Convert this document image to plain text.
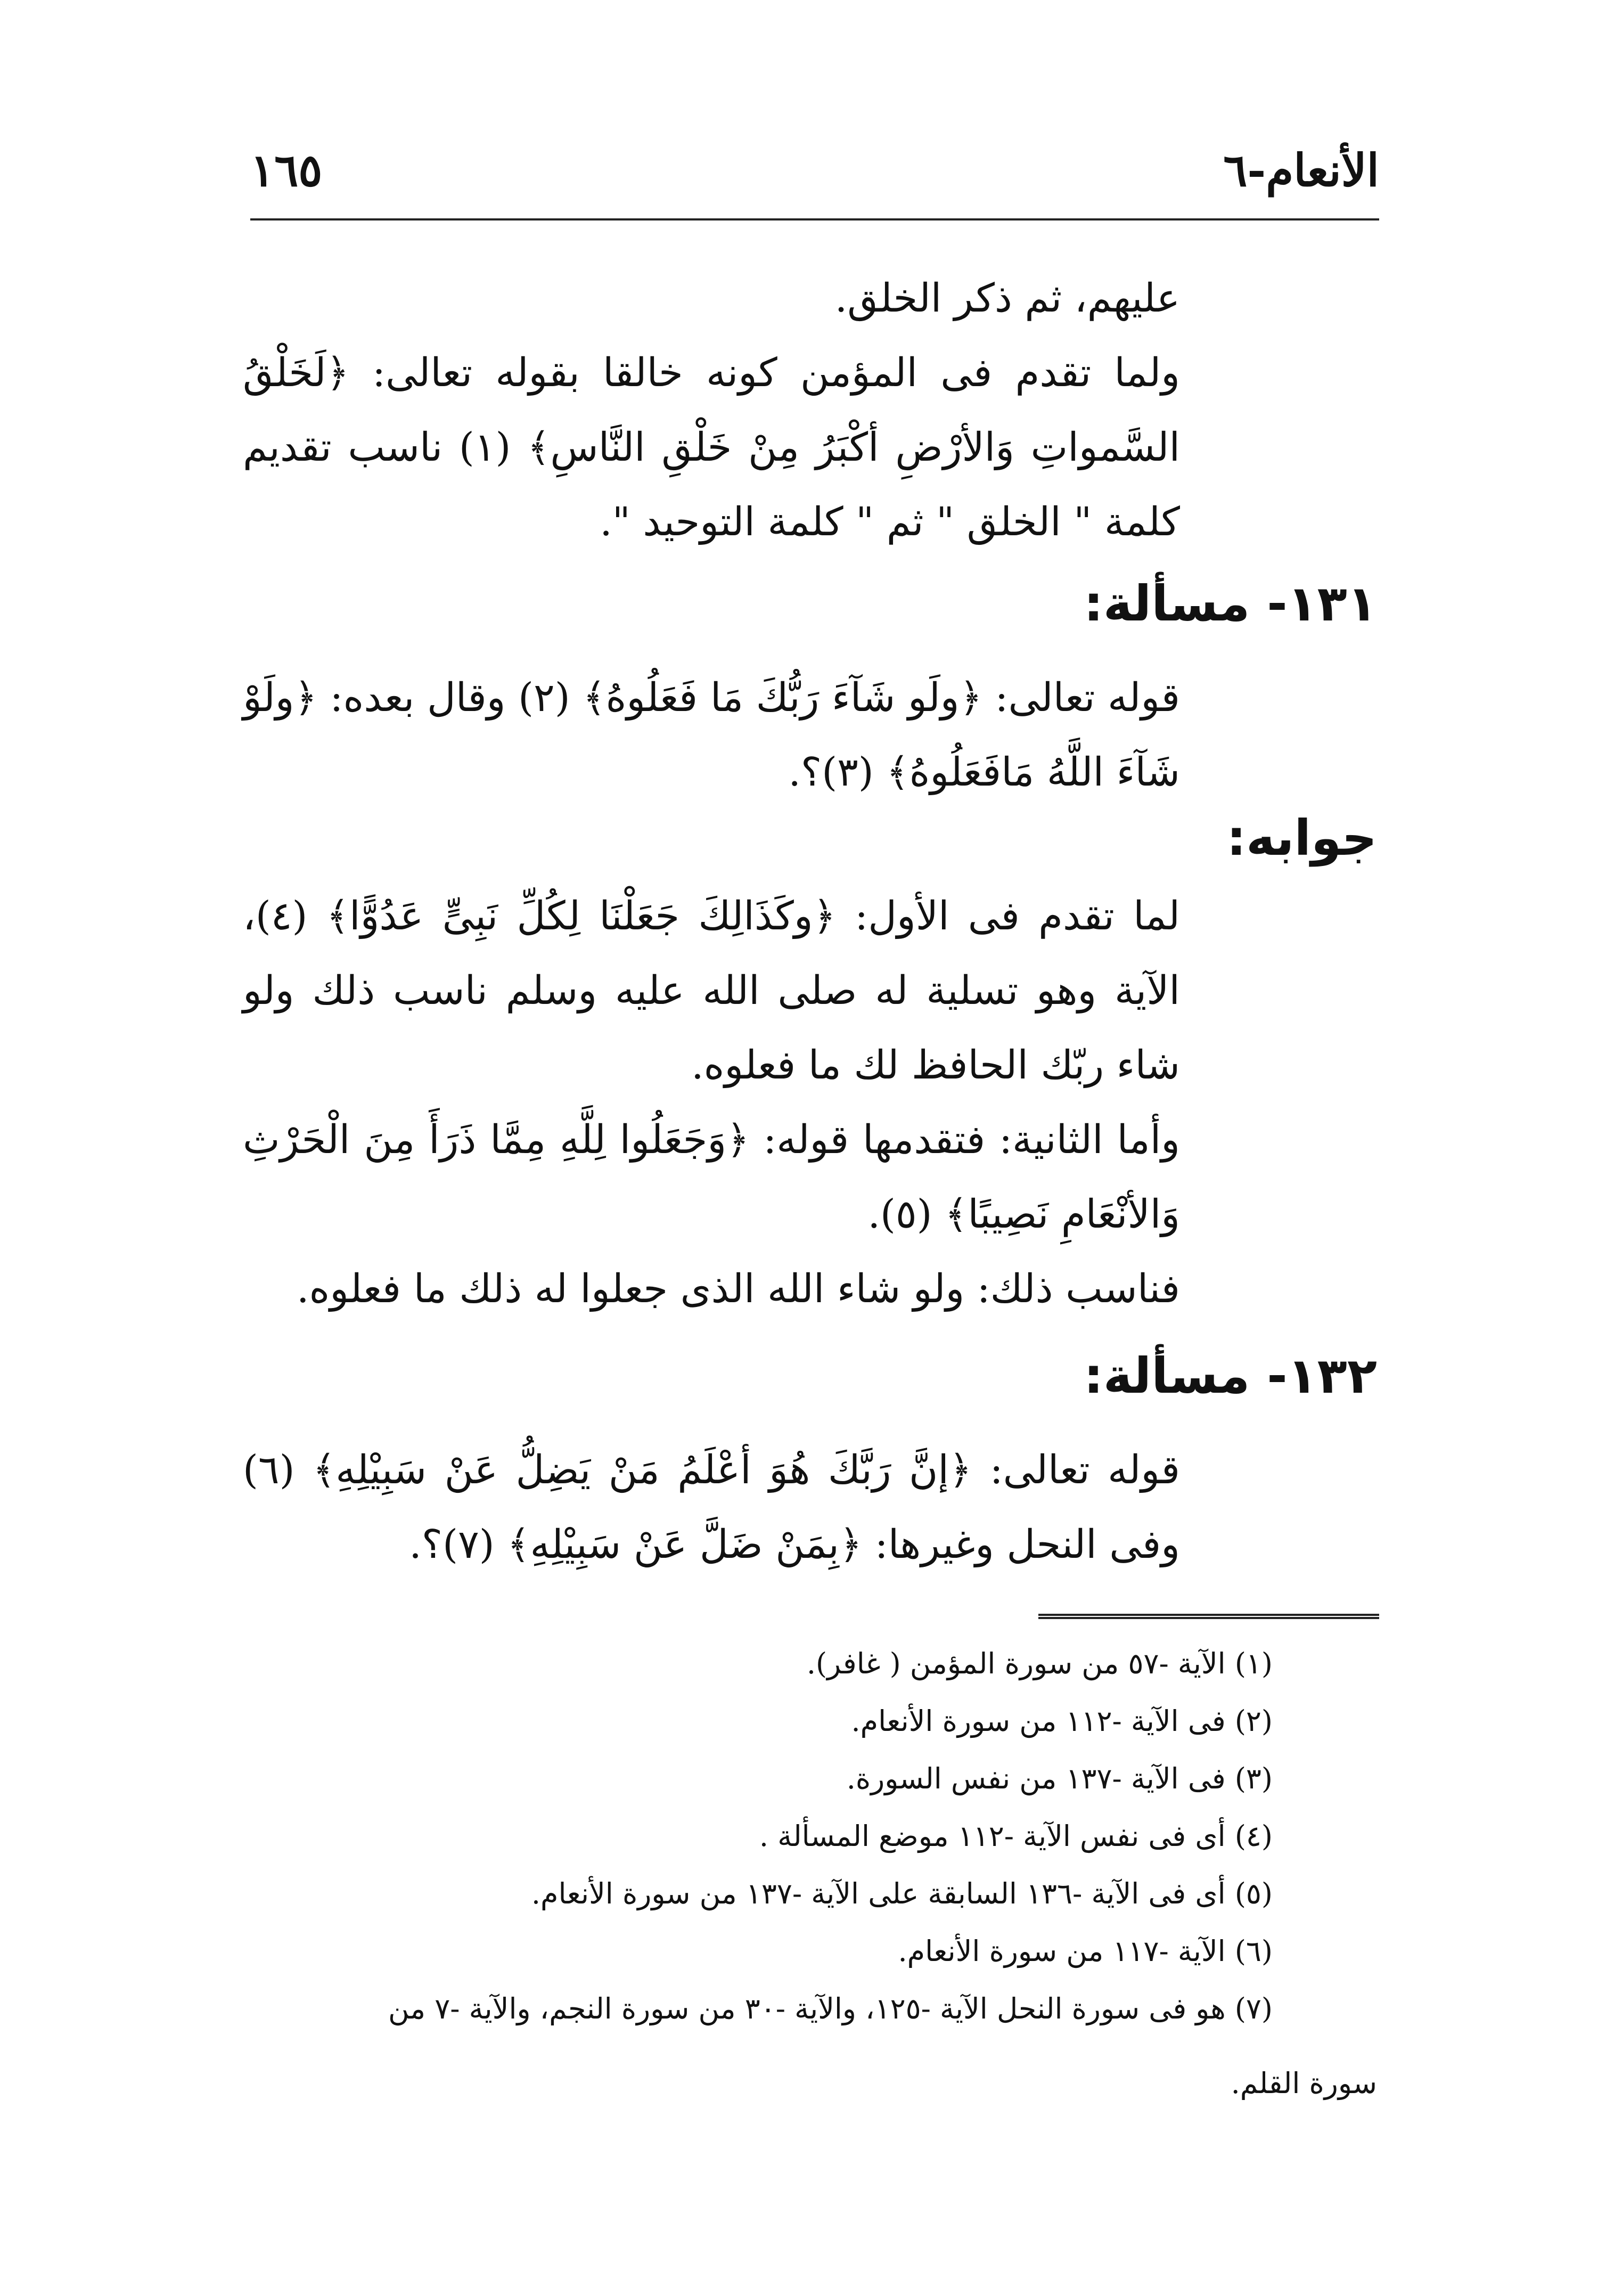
الأنعام-٦
١٦٥

عليهم، ثم ذكر الخلق.

ولما تقدم فى المؤمن كونه خالقا بقوله تعالى: ﴿لَخَلْقُ السَّمواتِ وَالأرْضِ أكْبَرُ مِنْ خَلْقِ النَّاسِ﴾ (١) ناسب تقديم كلمة " الخلق " ثم " كلمة التوحيد ".

١٣١- مسألة:

قوله تعالى: ﴿ولَو شَآءَ رَبُّكَ مَا فَعَلُوهُ﴾ (٢) وقال بعده: ﴿ولَوْ شَآءَ اللَّهُ مَافَعَلُوهُ﴾ (٣)؟.

جوابه:

لما تقدم فى الأول: ﴿وكَذَالِكَ جَعَلْنَا لِكُلِّ نَبِىٍّ عَدُوًّا﴾ (٤)، الآية وهو تسلية له صلى الله عليه وسلم ناسب ذلك ولو شاء ربّك الحافظ لك ما فعلوه.

وأما الثانية: فتقدمها قوله: ﴿وَجَعَلُوا لِلَّهِ مِمَّا ذَرَأَ مِنَ الْحَرْثِ وَالأنْعَامِ نَصِيبًا﴾ (٥).

فناسب ذلك: ولو شاء الله الذى جعلوا له ذلك ما فعلوه.

١٣٢- مسألة:

قوله تعالى: ﴿إنَّ رَبَّكَ هُوَ أعْلَمُ مَنْ يَضِلُّ عَنْ سَبِيْلِهِ﴾ (٦) وفى النحل وغيرها: ﴿بِمَنْ ضَلَّ عَنْ سَبِيْلِهِ﴾ (٧)؟.

(١) الآية -٥٧ من سورة المؤمن ( غافر).

(٢) فى الآية -١١٢ من سورة الأنعام.

(٣) فى الآية -١٣٧ من نفس السورة.

(٤) أى فى نفس الآية -١١٢ موضع المسألة .

(٥) أى فى الآية -١٣٦ السابقة على الآية -١٣٧ من سورة الأنعام.

(٦) الآية -١١٧ من سورة الأنعام.

(٧) هو فى سورة النحل الآية -١٢٥، والآية -٣٠ من سورة النجم، والآية -٧ من

سورة القلم.
